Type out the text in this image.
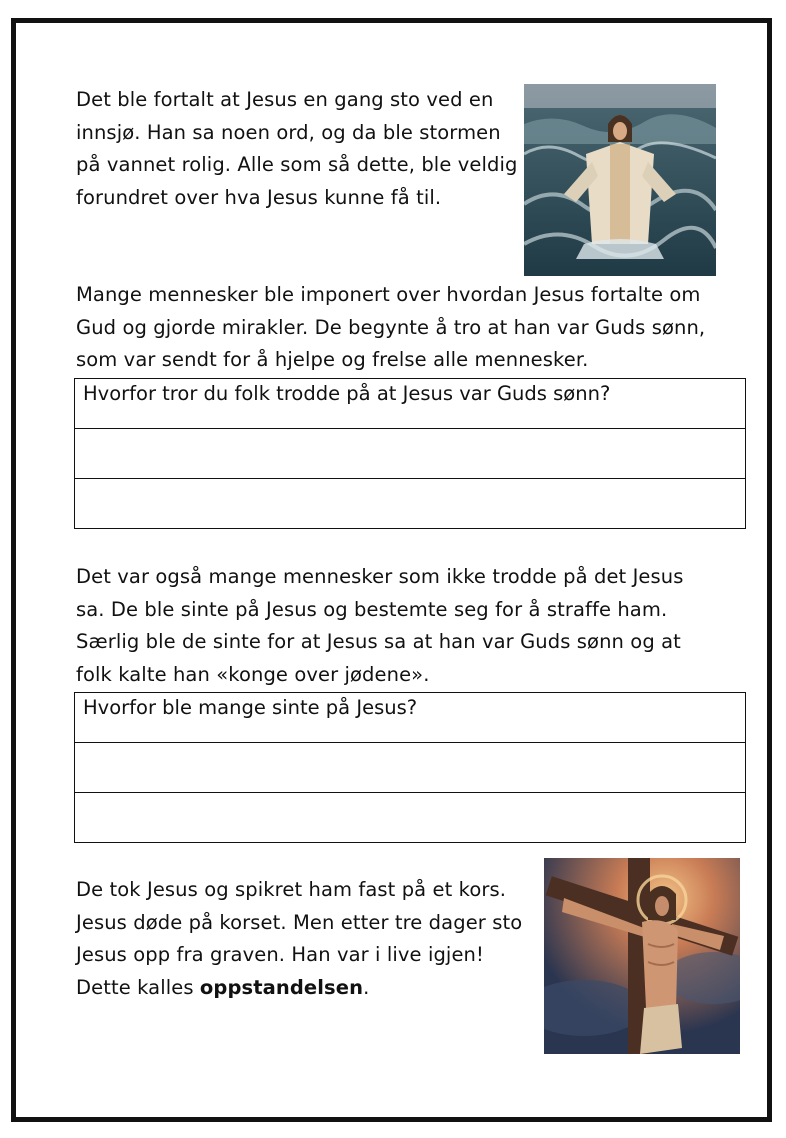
Det ble fortalt at Jesus en gang sto ved en innsjø. Han sa noen ord, og da ble stormen på vannet rolig. Alle som så dette, ble veldig forundret over hva Jesus kunne få til.

Mange mennesker ble imponert over hvordan Jesus fortalte om Gud og gjorde mirakler. De begynte å tro at han var Guds sønn, som var sendt for å hjelpe og frelse alle mennesker.

Hvorfor tror du folk trodde på at Jesus var Guds sønn?

Det var også mange mennesker som ikke trodde på det Jesus sa. De ble sinte på Jesus og bestemte seg for å straffe ham. Særlig ble de sinte for at Jesus sa at han var Guds sønn og at folk kalte han «konge over jødene».

Hvorfor ble mange sinte på Jesus?

De tok Jesus og spikret ham fast på et kors. Jesus døde på korset. Men etter tre dager sto Jesus opp fra graven. Han var i live igjen! Dette kalles oppstandelsen.
